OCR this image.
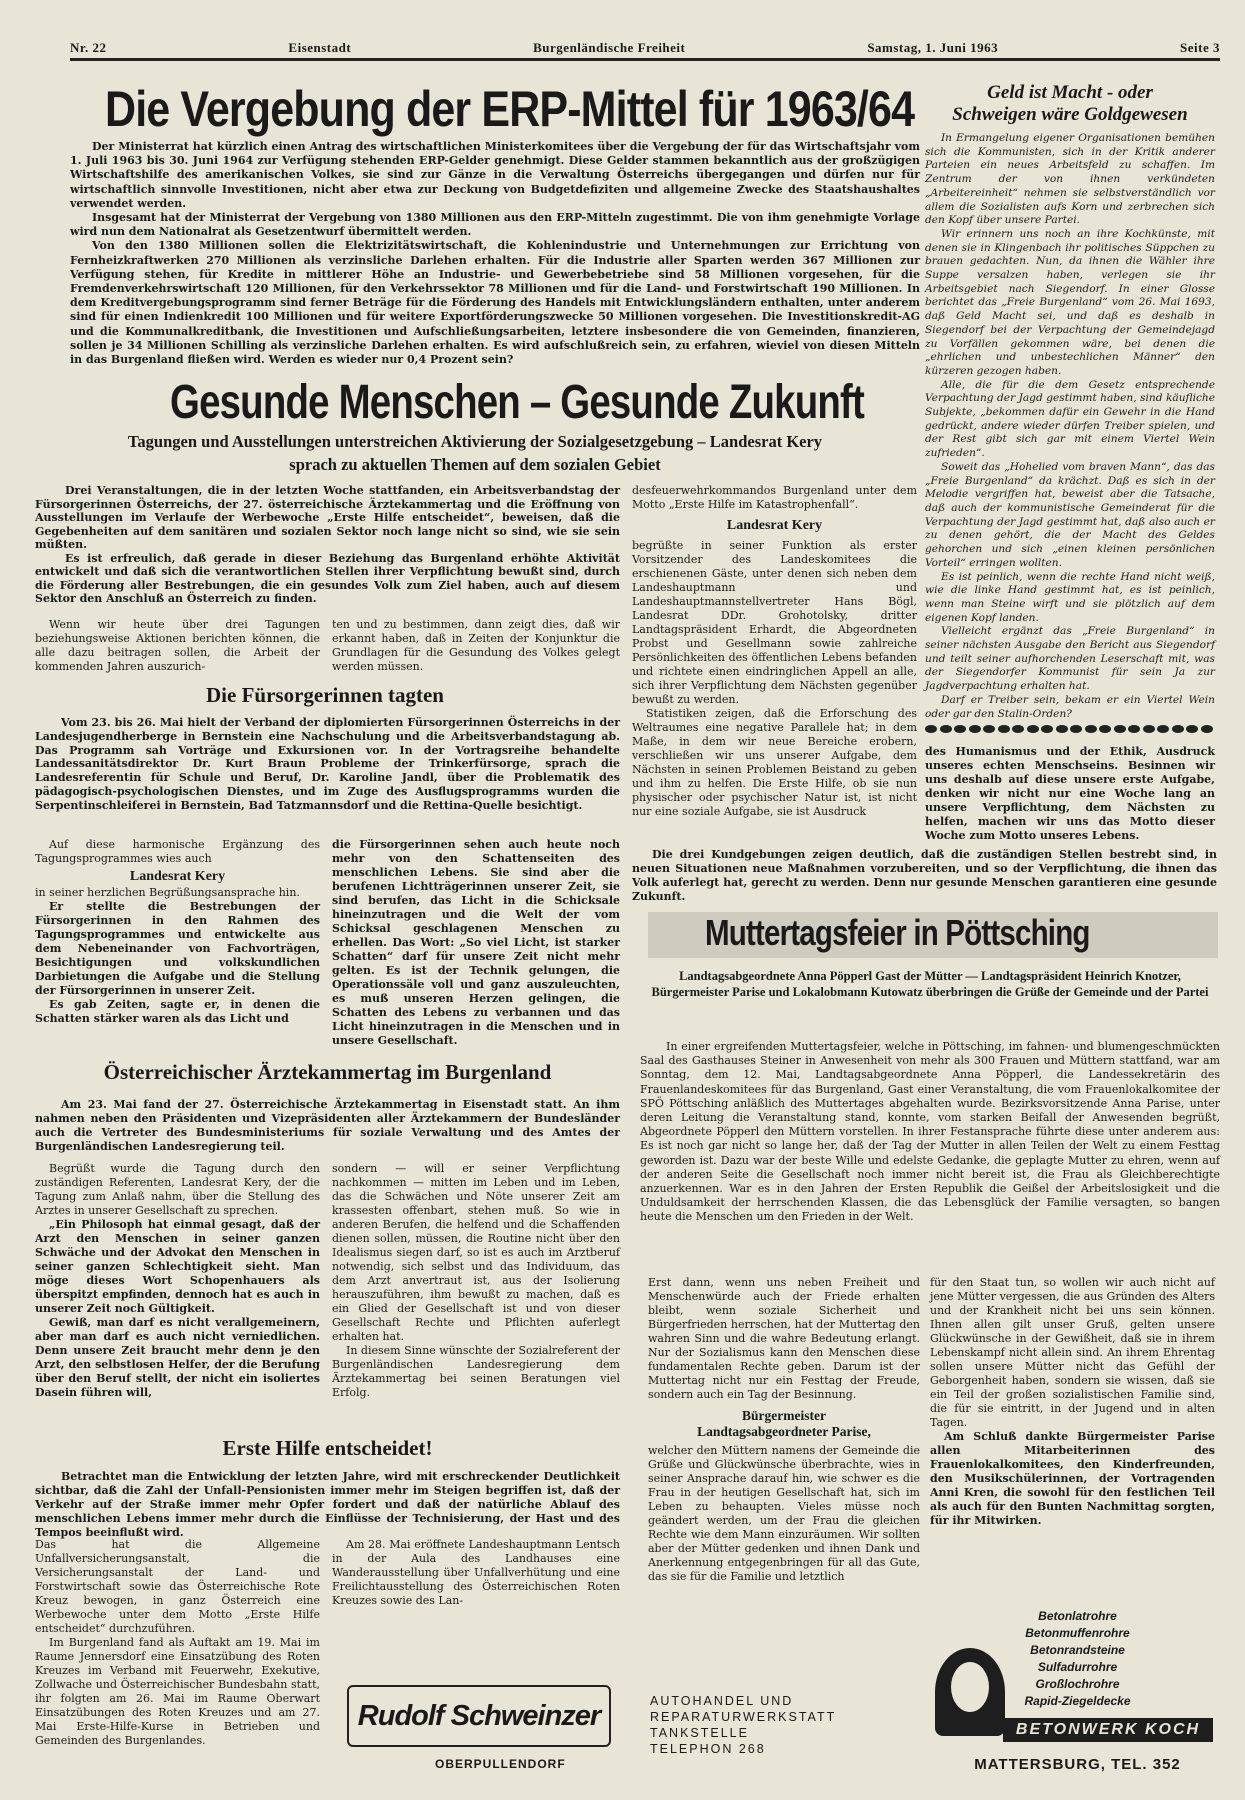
Nr. 22	Eisenstadt	Burgenländische Freiheit	Samstag, 1. Juni 1963	Seite 3
Die Vergebung der ERP-Mittel für 1963/64

Der Ministerrat hat kürzlich einen Antrag des wirtschaftlichen Ministerkomitees über die Vergebung der für das Wirtschaftsjahr vom 1. Juli 1963 bis 30. Juni 1964 zur Verfügung stehenden ERP-Gelder genehmigt. Diese Gelder stammen bekanntlich aus der großzügigen Wirtschaftshilfe des amerikanischen Volkes, sie sind zur Gänze in die Verwaltung Österreichs übergegangen und dürfen nur für wirtschaftlich sinnvolle Investitionen, nicht aber etwa zur Deckung von Budgetdefiziten und allgemeine Zwecke des Staatshaushaltes verwendet werden.

Insgesamt hat der Ministerrat der Vergebung von 1380 Millionen aus den ERP-Mitteln zugestimmt. Die von ihm genehmigte Vorlage wird nun dem Nationalrat als Gesetzentwurf übermittelt werden.

Von den 1380 Millionen sollen die Elektrizitätswirtschaft, die Kohlenindustrie und Unternehmungen zur Errichtung von Fernheizkraftwerken 270 Millionen als verzinsliche Darlehen erhalten. Für die Industrie aller Sparten werden 367 Millionen zur Verfügung stehen, für Kredite in mittlerer Höhe an Industrie- und Gewerbebetriebe sind 58 Millionen vorgesehen, für die Fremdenverkehrswirtschaft 120 Millionen, für den Verkehrssektor 78 Millionen und für die Land- und Forstwirtschaft 190 Millionen. In dem Kreditvergebungsprogramm sind ferner Beträge für die Förderung des Handels mit Entwicklungsländern enthalten, unter anderem sind für einen Indienkredit 100 Millionen und für weitere Exportförderungszwecke 50 Millionen vorgesehen. Die Investitionskredit-AG und die Kommunalkreditbank, die Investitionen und Aufschließungsarbeiten, letztere insbesondere die von Gemeinden, finanzieren, sollen je 34 Millionen Schilling als verzinsliche Darlehen erhalten. Es wird aufschlußreich sein, zu erfahren, wieviel von diesen Mitteln in das Burgenland fließen wird. Werden es wieder nur 0,4 Prozent sein?

Geld ist Macht - oder
Schweigen wäre Goldgewesen

In Ermangelung eigener Organisationen bemühen sich die Kommunisten, sich in der Kritik anderer Parteien ein neues Arbeitsfeld zu schaffen. Im Zentrum der von ihnen verkündeten „Arbeitereinheit“ nehmen sie selbstverständlich vor allem die Sozialisten aufs Korn und zerbrechen sich den Kopf über unsere Partei.

Wir erinnern uns noch an ihre Kochkünste, mit denen sie in Klingenbach ihr politisches Süppchen zu brauen gedachten. Nun, da ihnen die Wähler ihre Suppe versalzen haben, verlegen sie ihr Arbeitsgebiet nach Siegendorf. In einer Glosse berichtet das „Freie Burgenland“ vom 26. Mai 1693, daß Geld Macht sei, und daß es deshalb in Siegendorf bei der Verpachtung der Gemeindejagd zu Vorfällen gekommen wäre, bei denen die „ehrlichen und unbestechlichen Männer“ den kürzeren gezogen haben.

Alle, die für die dem Gesetz entsprechende Verpachtung der Jagd gestimmt haben, sind käufliche Subjekte, „bekommen dafür ein Gewehr in die Hand gedrückt, andere wieder dürfen Treiber spielen, und der Rest gibt sich gar mit einem Viertel Wein zufrieden“.

Soweit das „Hohelied vom braven Mann“, das das „Freie Burgenland“ da krächzt. Daß es sich in der Melodie vergriffen hat, beweist aber die Tatsache, daß auch der kommunistische Gemeinderat für die Verpachtung der Jagd gestimmt hat, daß also auch er zu denen gehört, die der Macht des Geldes gehorchen und sich „einen kleinen persönlichen Vorteil“ erringen wollten.

Es ist peinlich, wenn die rechte Hand nicht weiß, wie die linke Hand gestimmt hat, es ist peinlich, wenn man Steine wirft und sie plötzlich auf dem eigenen Kopf landen.

Vielleicht ergänzt das „Freie Burgenland“ in seiner nächsten Ausgabe den Bericht aus Siegendorf und teilt seiner aufhorchenden Leserschaft mit, was der Siegendorfer Kommunist für sein Ja zur Jagdverpachtung erhalten hat.

Darf er Treiber sein, bekam er ein Viertel Wein oder gar den Stalin-Orden?

Gesunde Menschen – Gesunde Zukunft
Tagungen und Ausstellungen unterstreichen Aktivierung der Sozialgesetzgebung – Landesrat Kery
sprach zu aktuellen Themen auf dem sozialen Gebiet

Drei Veranstaltungen, die in der letzten Woche stattfanden, ein Arbeitsverbandstag der Fürsorgerinnen Österreichs, der 27. österreichische Ärztekammertag und die Eröffnung von Ausstellungen im Verlaufe der Werbewoche „Erste Hilfe entscheidet“, beweisen, daß die Gegebenheiten auf dem sanitären und sozialen Sektor noch lange nicht so sind, wie sie sein müßten.

Es ist erfreulich, daß gerade in dieser Beziehung das Burgenland erhöhte Aktivität entwickelt und daß sich die verantwortlichen Stellen ihrer Verpflichtung bewußt sind, durch die Förderung aller Bestrebungen, die ein gesundes Volk zum Ziel haben, auch auf diesem Sektor den Anschluß an Österreich zu finden.

Wenn wir heute über drei Tagungen beziehungsweise Aktionen berichten können, die alle dazu beitragen sollen, die Arbeit der kommenden Jahren auszurich-

ten und zu bestimmen, dann zeigt dies, daß wir erkannt haben, daß in Zeiten der Konjunktur die Grundlagen für die Gesundung des Volkes gelegt werden müssen.

desfeuerwehrkommandos Burgenland unter dem Motto „Erste Hilfe im Katastrophenfall“.

Landesrat Kery

begrüßte in seiner Funktion als erster Vorsitzender des Landeskomitees die erschienenen Gäste, unter denen sich neben dem Landeshauptmann und Landeshauptmannstellvertreter Hans Bögl, Landesrat DDr. Grohotolsky, dritter Landtagspräsident Erhardt, die Abgeordneten Probst und Gesellmann sowie zahlreiche Persönlichkeiten des öffentlichen Lebens befanden und richtete einen eindringlichen Appell an alle, sich ihrer Verpflichtung dem Nächsten gegenüber bewußt zu werden.

Statistiken zeigen, daß die Erforschung des Weltraumes eine negative Parallele hat; in dem Maße, in dem wir neue Bereiche erobern, verschließen wir uns unserer Aufgabe, dem Nächsten in seinen Problemen Beistand zu geben und ihm zu helfen. Die Erste Hilfe, ob sie nun physischer oder psychischer Natur ist, ist nicht nur eine soziale Aufgabe, sie ist Ausdruck

des Humanismus und der Ethik, Ausdruck unseres echten Menschseins. Besinnen wir uns deshalb auf diese unsere erste Aufgabe, denken wir nicht nur eine Woche lang an unsere Verpflichtung, dem Nächsten zu helfen, machen wir uns das Motto dieser Woche zum Motto unseres Lebens.

Die drei Kundgebungen zeigen deutlich, daß die zuständigen Stellen bestrebt sind, in neuen Situationen neue Maßnahmen vorzubereiten, und so der Verpflichtung, die ihnen das Volk auferlegt hat, gerecht zu werden. Denn nur gesunde Menschen garantieren eine gesunde Zukunft.

Die Fürsorgerinnen tagten

Vom 23. bis 26. Mai hielt der Verband der diplomierten Fürsorgerinnen Österreichs in der Landesjugendherberge in Bernstein eine Nachschulung und die Arbeitsverbandstagung ab. Das Programm sah Vorträge und Exkursionen vor. In der Vortragsreihe behandelte Landessanitätsdirektor Dr. Kurt Braun Probleme der Trinkerfürsorge, sprach die Landesreferentin für Schule und Beruf, Dr. Karoline Jandl, über die Problematik des pädagogisch-psychologischen Dienstes, und im Zuge des Ausflugsprogramms wurden die Serpentinschleiferei in Bernstein, Bad Tatzmannsdorf und die Rettina-Quelle besichtigt.

Auf diese harmonische Ergänzung des Tagungsprogrammes wies auch

Landesrat Kery

in seiner herzlichen Begrüßungsansprache hin.

Er stellte die Bestrebungen der Fürsorgerinnen in den Rahmen des Tagungsprogrammes und entwickelte aus dem Nebeneinander von Fachvorträgen, Besichtigungen und volkskundlichen Darbietungen die Aufgabe und die Stellung der Fürsorgerinnen in unserer Zeit.

Es gab Zeiten, sagte er, in denen die Schatten stärker waren als das Licht und

die Fürsorgerinnen sehen auch heute noch mehr von den Schattenseiten des menschlichen Lebens. Sie sind aber die berufenen Lichtträgerinnen unserer Zeit, sie sind berufen, das Licht in die Schicksale hineinzutragen und die Welt der vom Schicksal geschlagenen Menschen zu erhellen. Das Wort: „So viel Licht, ist starker Schatten“ darf für unsere Zeit nicht mehr gelten. Es ist der Technik gelungen, die Operationssäle voll und ganz auszuleuchten, es muß unseren Herzen gelingen, die Schatten des Lebens zu verbannen und das Licht hineinzutragen in die Menschen und in unsere Gesellschaft.

Österreichischer Ärztekammertag im Burgenland

Am 23. Mai fand der 27. Österreichische Ärztekammertag in Eisenstadt statt. An ihm nahmen neben den Präsidenten und Vizepräsidenten aller Ärztekammern der Bundesländer auch die Vertreter des Bundesministeriums für soziale Verwaltung und des Amtes der Burgenländischen Landesregierung teil.

Begrüßt wurde die Tagung durch den zuständigen Referenten, Landesrat Kery, der die Tagung zum Anlaß nahm, über die Stellung des Arztes in unserer Gesellschaft zu sprechen.

„Ein Philosoph hat einmal gesagt, daß der Arzt den Menschen in seiner ganzen Schwäche und der Advokat den Menschen in seiner ganzen Schlechtigkeit sieht. Man möge dieses Wort Schopenhauers als überspitzt empfinden, dennoch hat es auch in unserer Zeit noch Gültigkeit.

Gewiß, man darf es nicht verallgemeinern, aber man darf es auch nicht verniedlichen. Denn unsere Zeit braucht mehr denn je den Arzt, den selbstlosen Helfer, der die Berufung über den Beruf stellt, der nicht ein isoliertes Dasein führen will,

sondern — will er seiner Verpflichtung nachkommen — mitten im Leben und im Leben, das die Schwächen und Nöte unserer Zeit am krassesten offenbart, stehen muß. So wie in anderen Berufen, die helfend und die Schaffenden dienen sollen, müssen, die Routine nicht über den Idealismus siegen darf, so ist es auch im Arztberuf notwendig, sich selbst und das Individuum, das dem Arzt anvertraut ist, aus der Isolierung herauszuführen, ihm bewußt zu machen, daß es ein Glied der Gesellschaft ist und von dieser Gesellschaft Rechte und Pflichten auferlegt erhalten hat.

In diesem Sinne wünschte der Sozialreferent der Burgenländischen Landesregierung dem Ärztekammertag bei seinen Beratungen viel Erfolg.

Erste Hilfe entscheidet!

Betrachtet man die Entwicklung der letzten Jahre, wird mit erschreckender Deutlichkeit sichtbar, daß die Zahl der Unfall-Pensionisten immer mehr im Steigen begriffen ist, daß der Verkehr auf der Straße immer mehr Opfer fordert und daß der natürliche Ablauf des menschlichen Lebens immer mehr durch die Einflüsse der Technisierung, der Hast und des Tempos beeinflußt wird.

Das hat die Allgemeine Unfallversicherungsanstalt, die Versicherungsanstalt der Land- und Forstwirtschaft sowie das Österreichische Rote Kreuz bewogen, in ganz Österreich eine Werbewoche unter dem Motto „Erste Hilfe entscheidet“ durchzuführen.

Im Burgenland fand als Auftakt am 19. Mai im Raume Jennersdorf eine Einsatzübung des Roten Kreuzes im Verband mit Feuerwehr, Exekutive, Zollwache und Österreichischer Bundesbahn statt, ihr folgten am 26. Mai im Raume Oberwart Einsatzübungen des Roten Kreuzes und am 27. Mai Erste-Hilfe-Kurse in Betrieben und Gemeinden des Burgenlandes.

Am 28. Mai eröffnete Landeshauptmann Lentsch in der Aula des Landhauses eine Wanderausstellung über Unfallverhütung und eine Freilichtausstellung des Österreichischen Roten Kreuzes sowie des Lan-

Rudolf Schweinzer
OBERPULLENDORF
AUTOHANDEL UND
REPARATURWERKSTATT
TANKSTELLE
TELEPHON 268
Muttertagsfeier in Pöttsching
Landtagsabgeordnete Anna Pöpperl Gast der Mütter — Landtagspräsident Heinrich Knotzer, Bürgermeister Parise und Lokalobmann Kutowatz überbringen die Grüße der Gemeinde und der Partei

In einer ergreifenden Muttertagsfeier, welche in Pöttsching, im fahnen- und blumengeschmückten Saal des Gasthauses Steiner in Anwesenheit von mehr als 300 Frauen und Müttern stattfand, war am Sonntag, dem 12. Mai, Landtagsabgeordnete Anna Pöpperl, die Landessekretärin des Frauenlandeskomitees für das Burgenland, Gast einer Veranstaltung, die vom Frauenlokalkomitee der SPÖ Pöttsching anläßlich des Muttertages abgehalten wurde. Bezirksvorsitzende Anna Parise, unter deren Leitung die Veranstaltung stand, konnte, vom starken Beifall der Anwesenden begrüßt, Abgeordnete Pöpperl den Müttern vorstellen. In ihrer Festansprache führte diese unter anderem aus: Es ist noch gar nicht so lange her, daß der Tag der Mutter in allen Teilen der Welt zu einem Festtag geworden ist. Dazu war der beste Wille und edelste Gedanke, die geplagte Mutter zu ehren, wenn auf der anderen Seite die Gesellschaft noch immer nicht bereit ist, die Frau als Gleichberechtigte anzuerkennen. War es in den Jahren der Ersten Republik die Geißel der Arbeitslosigkeit und die Unduldsamkeit der herrschenden Klassen, die das Lebensglück der Familie versagten, so bangen heute die Menschen um den Frieden in der Welt.

Erst dann, wenn uns neben Freiheit und Menschenwürde auch der Friede erhalten bleibt, wenn soziale Sicherheit und Bürgerfrieden herrschen, hat der Muttertag den wahren Sinn und die wahre Bedeutung erlangt. Nur der Sozialismus kann den Menschen diese fundamentalen Rechte geben. Darum ist der Muttertag nicht nur ein Festtag der Freude, sondern auch ein Tag der Besinnung.

Bürgermeister
Landtagsabgeordneter Parise,

welcher den Müttern namens der Gemeinde die Grüße und Glückwünsche überbrachte, wies in seiner Ansprache darauf hin, wie schwer es die Frau in der heutigen Gesellschaft hat, sich im Leben zu behaupten. Vieles müsse noch geändert werden, um der Frau die gleichen Rechte wie dem Mann einzuräumen. Wir sollten aber der Mütter gedenken und ihnen Dank und Anerkennung entgegenbringen für all das Gute, das sie für die Familie und letztlich

für den Staat tun, so wollen wir auch nicht auf jene Mütter vergessen, die aus Gründen des Alters und der Krankheit nicht bei uns sein können. Ihnen allen gilt unser Gruß, gelten unsere Glückwünsche in der Gewißheit, daß sie in ihrem Lebenskampf nicht allein sind. An ihrem Ehrentag sollen unsere Mütter nicht das Gefühl der Geborgenheit haben, sondern sie wissen, daß sie ein Teil der großen sozialistischen Familie sind, die für sie eintritt, in der Jugend und in alten Tagen.

Am Schluß dankte Bürgermeister Parise allen Mitarbeiterinnen des Frauenlokalkomitees, den Kinderfreunden, den Musikschülerinnen, der Vortragenden Anni Kren, die sowohl für den festlichen Teil als auch für den Bunten Nachmittag sorgten, für ihr Mitwirken.

Betonlatrohre
Betonmuffenrohre
Betonrandsteine
Sulfadurrohre
Großlochrohre
Rapid-Ziegeldecke
BETONWERK KOCH
MATTERSBURG, TEL. 352
